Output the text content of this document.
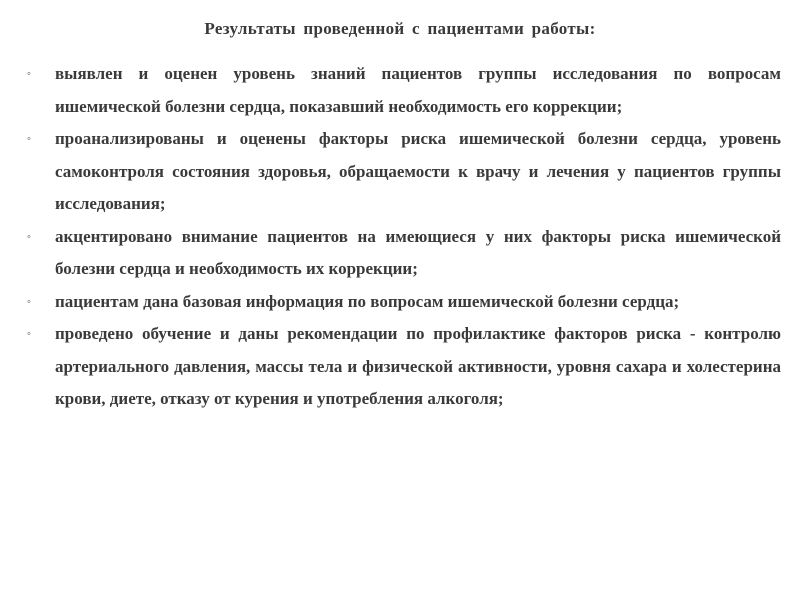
Результаты проведенной с пациентами работы:
◦ выявлен и оценен уровень знаний пациентов группы исследования по вопросам ишемической болезни сердца, показавший необходимость его коррекции;
◦ проанализированы и оценены факторы риска ишемической болезни сердца, уровень самоконтроля состояния здоровья, обращаемости к врачу и лечения у пациентов группы исследования;
◦ акцентировано внимание пациентов на имеющиеся у них факторы риска ишемической болезни сердца и необходимость их коррекции;
◦ пациентам дана базовая информация по вопросам ишемической болезни сердца;
◦ проведено обучение и даны рекомендации по профилактике факторов риска - контролю артериального давления, массы тела и физической активности, уровня сахара и холестерина крови, диете, отказу от курения и употребления алкоголя;
